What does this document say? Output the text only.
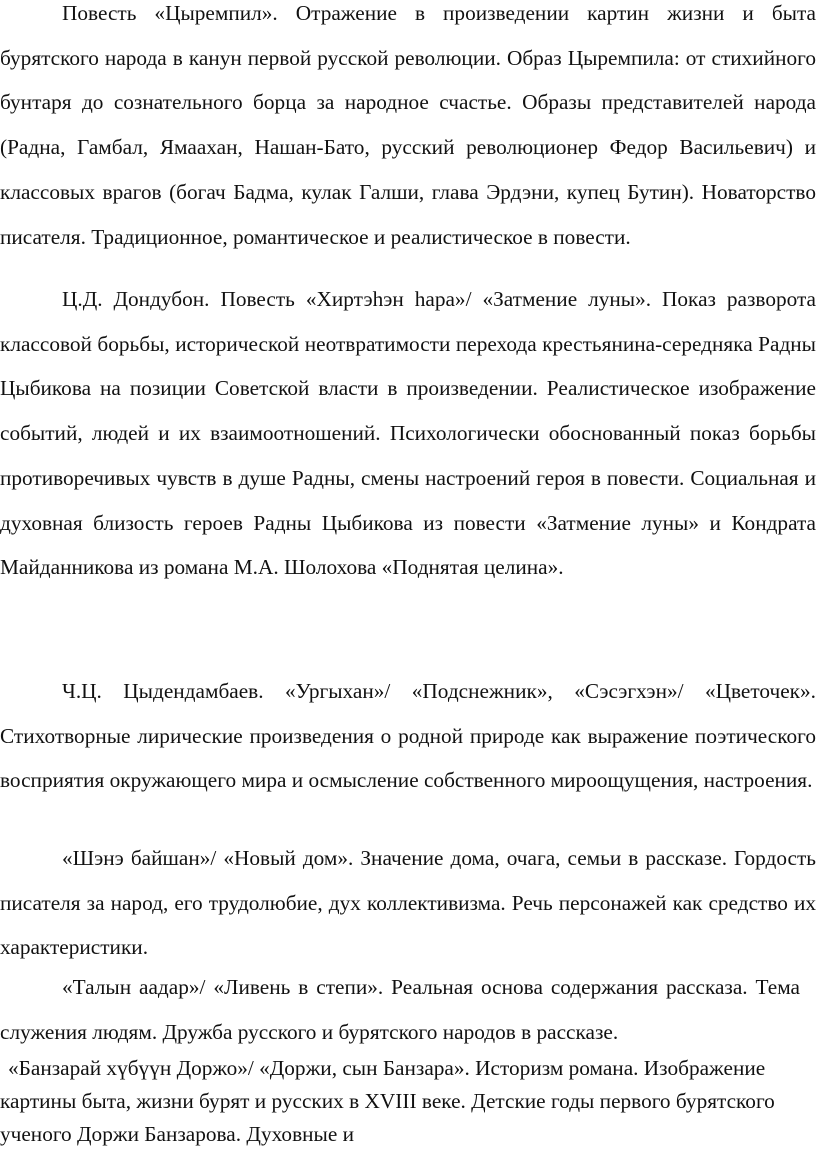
Повесть «Цыремпил». Отражение в произведении картин жизни и быта бурятского народа в канун первой русской революции. Образ Цыремпила: от стихийного бунтаря до сознательного борца за народное счастье. Образы представителей народа (Радна, Гамбал, Ямаахан, Нашан-Бато, русский революционер Федор Васильевич) и классовых врагов (богач Бадма, кулак Галши, глава Эрдэни, купец Бутин). Новаторство писателя. Традиционное, романтическое и реалистическое в повести.

Ц.Д. Дондубон. Повесть «Хиртэһэн һара»/ «Затмение луны». Показ разворота классовой борьбы, исторической неотвратимости перехода крестьянина-середняка Радны Цыбикова на позиции Советской власти в произведении. Реалистическое изображение событий, людей и их взаимоотношений. Психологически обоснованный показ борьбы противоречивых чувств в душе Радны, смены настроений героя в повести. Социальная и духовная близость героев Радны Цыбикова из повести «Затмение луны» и Кондрата Майданникова из романа М.А. Шолохова «Поднятая целина».

Ч.Ц. Цыдендамбаев. «Ургыхан»/ «Подснежник», «Сэсэгхэн»/ «Цветочек». Стихотворные лирические произведения о родной природе как выражение поэтического восприятия окружающего мира и осмысление собственного мироощущения, настроения.

«Шэнэ байшан»/ «Новый дом». Значение дома, очага, семьи в рассказе. Гордость писателя за народ, его трудолюбие, дух коллективизма. Речь персонажей как средство их характеристики.

«Талын аадар»/ «Ливень в степи». Реальная основа содержания рассказа. Тема служения людям. Дружба русского и бурятского народов в рассказе.

«Банзарай хүбүүн Доржо»/ «Доржи, сын Банзара». Историзм романа. Изображение картины быта, жизни бурят и русских в XVIII веке. Детские годы первого бурятского ученого Доржи Банзарова. Духовные и
